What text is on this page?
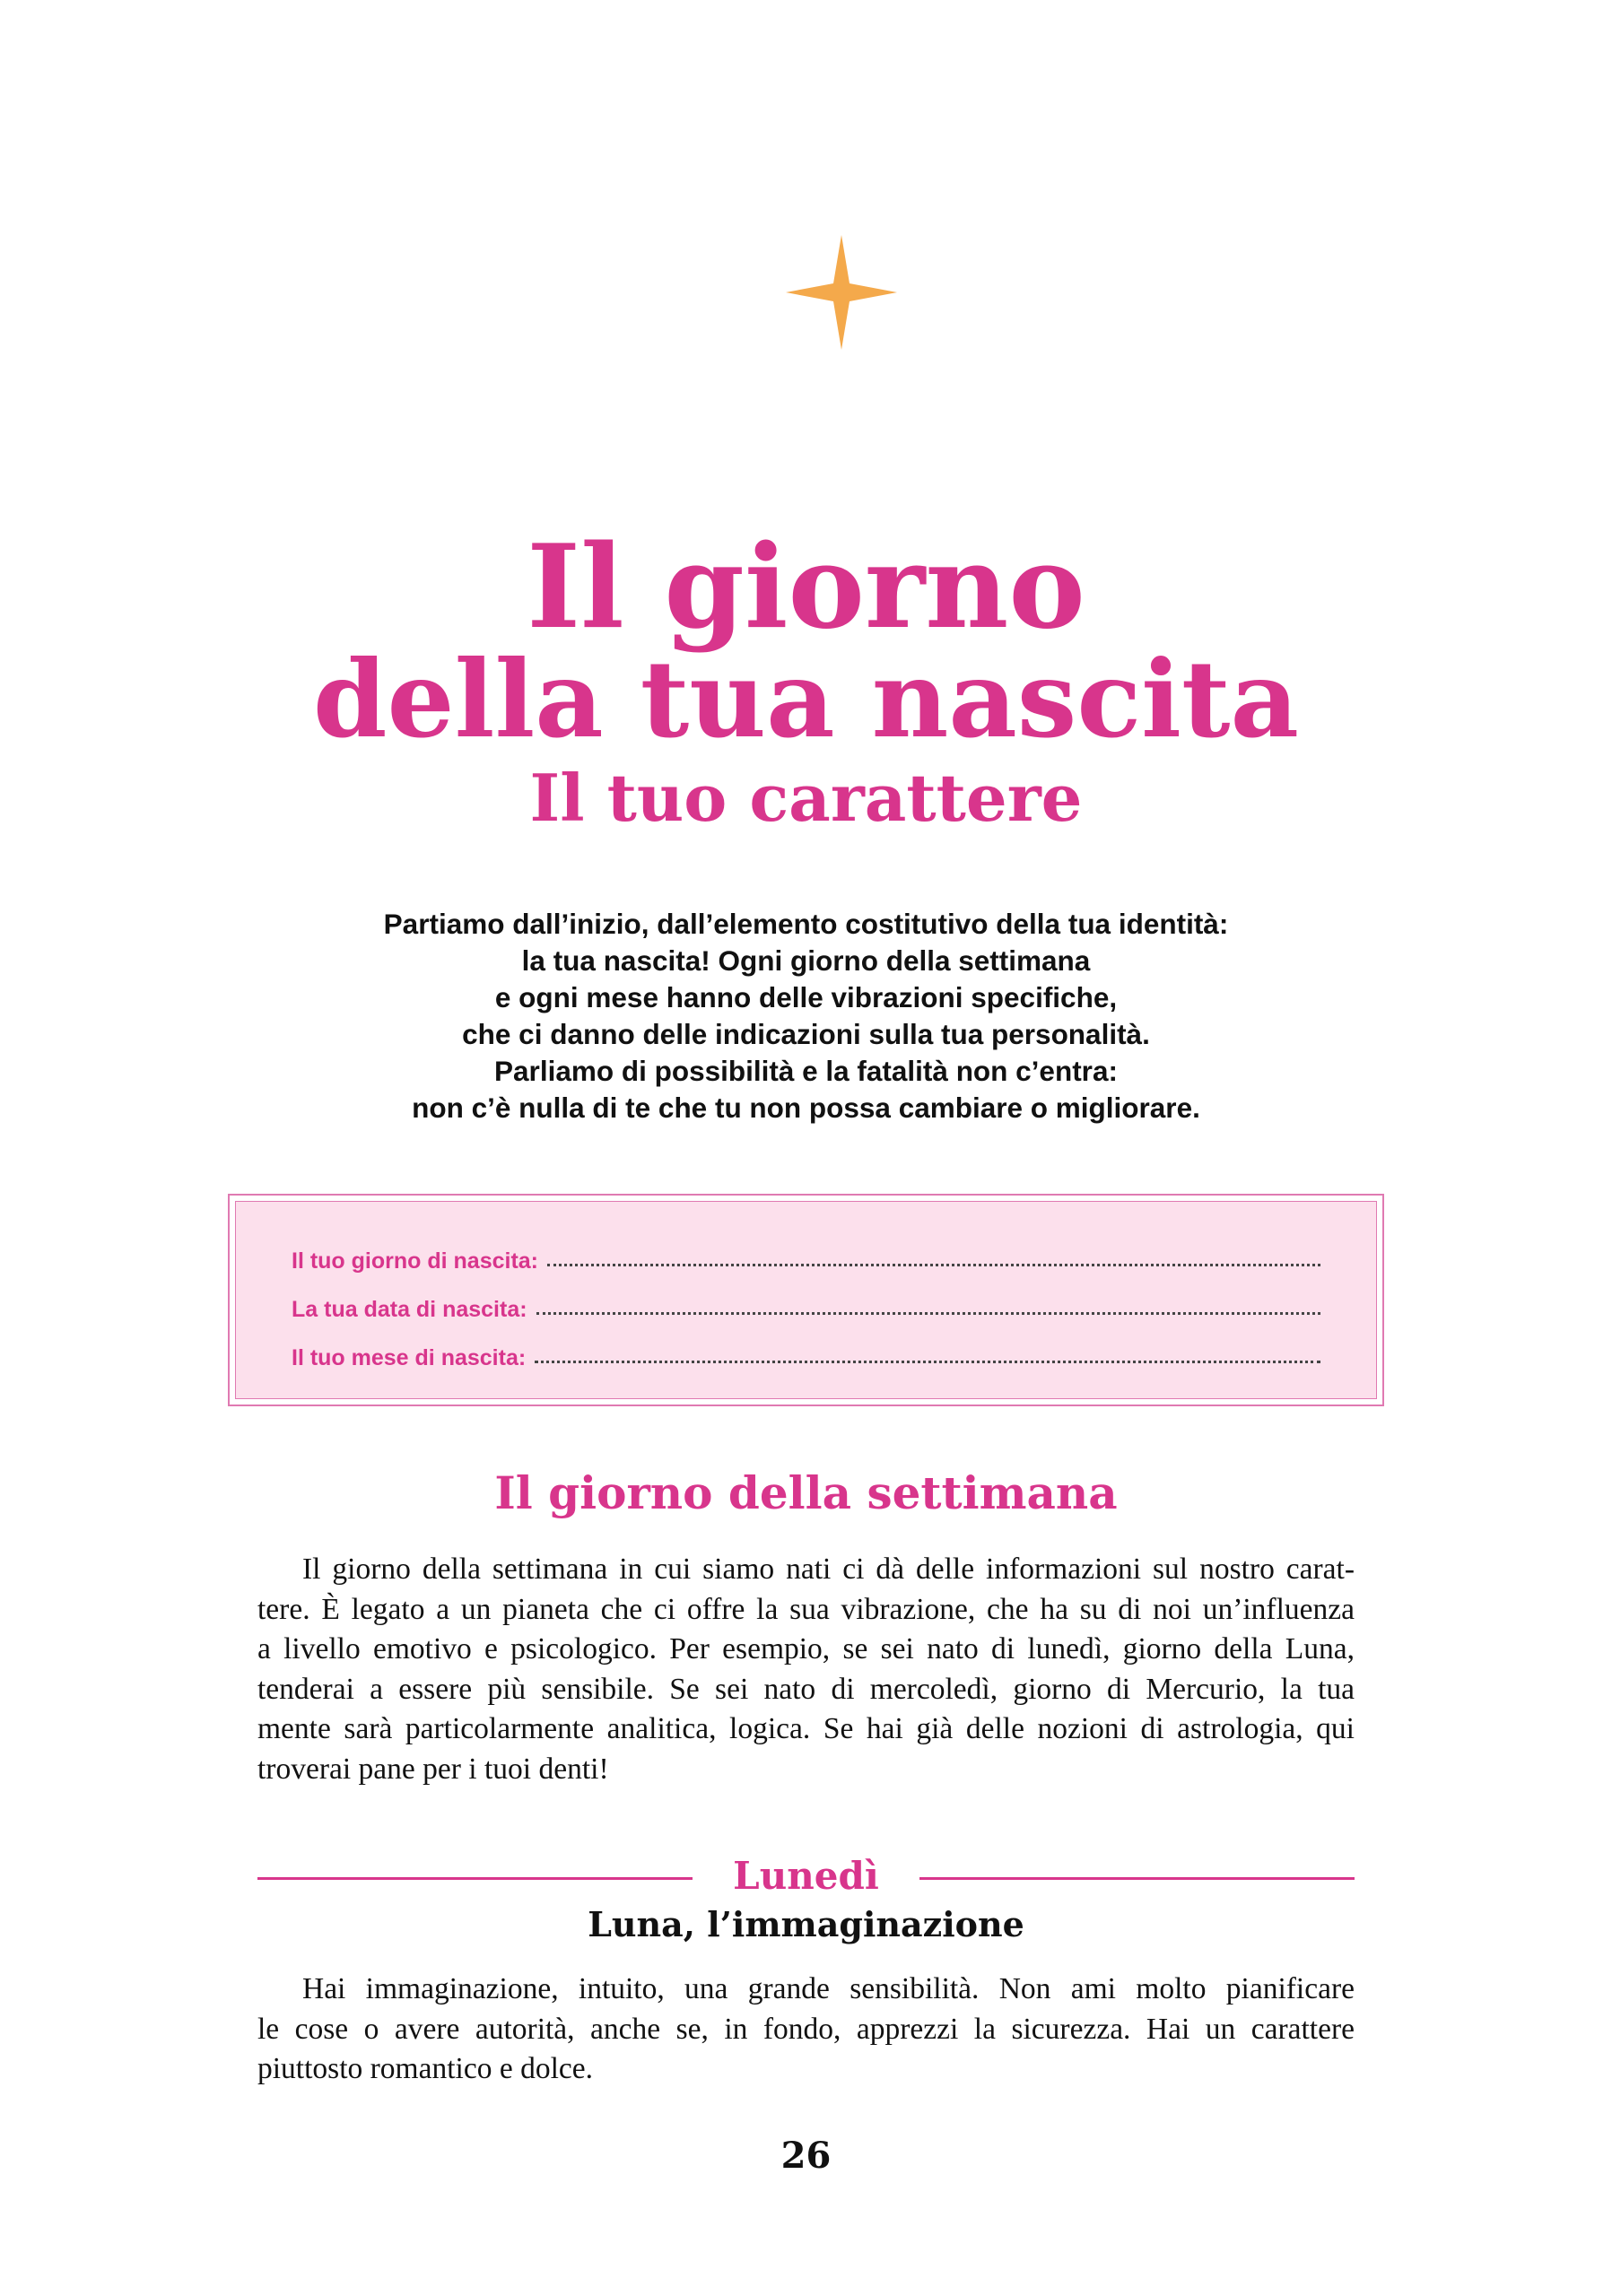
Il giorno
della tua nascita
Il tuo carattere
Partiamo dall’inizio, dall’elemento costitutivo della tua identità:
la tua nascita! Ogni giorno della settimana
e ogni mese hanno delle vibrazioni specifiche,
che ci danno delle indicazioni sulla tua personalità.
Parliamo di possibilità e la fatalità non c’entra:
non c’è nulla di te che tu non possa cambiare o migliorare.
Il tuo giorno di nascita:
La tua data di nascita:
Il tuo mese di nascita:
Il giorno della settimana
Il giorno della settimana in cui siamo nati ci dà delle informazioni sul nostro carat-
tere. È legato a un pianeta che ci offre la sua vibrazione, che ha su di noi un’influenza
a livello emotivo e psicologico. Per esempio, se sei nato di lunedì, giorno della Luna,
tenderai a essere più sensibile. Se sei nato di mercoledì, giorno di Mercurio, la tua
mente sarà particolarmente analitica, logica. Se hai già delle nozioni di astrologia, qui
troverai pane per i tuoi denti!
Lunedì
Luna, l’immaginazione
Hai immaginazione, intuito, una grande sensibilità. Non ami molto pianificare
le cose o avere autorità, anche se, in fondo, apprezzi la sicurezza. Hai un carattere
piuttosto romantico e dolce.
26
